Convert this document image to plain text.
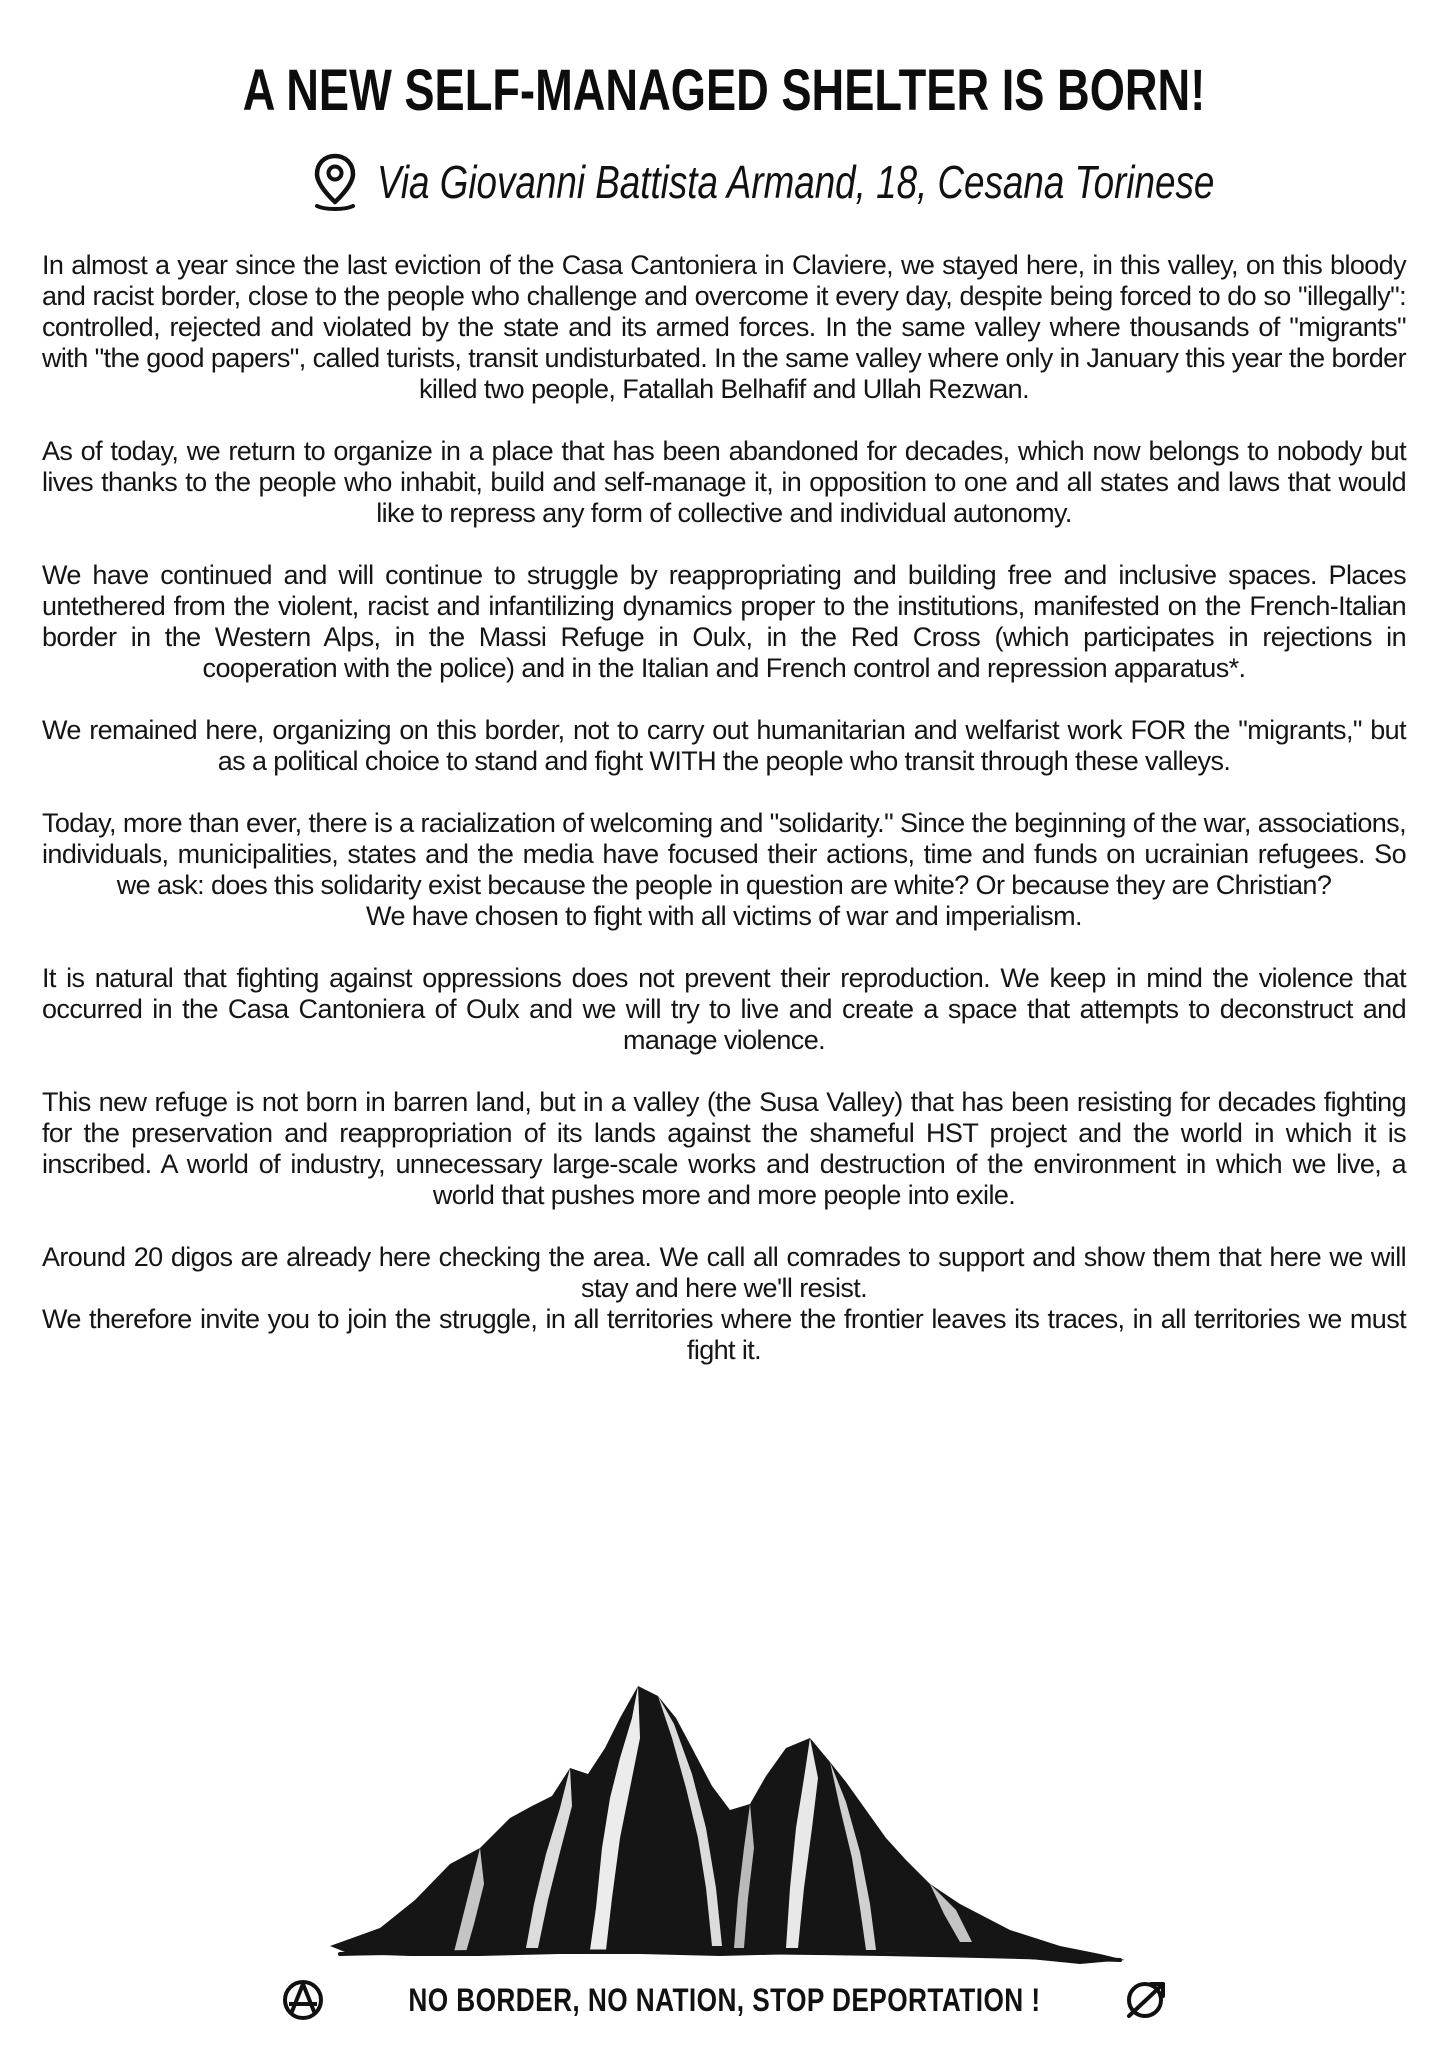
A NEW SELF-MANAGED SHELTER IS BORN!
Via Giovanni Battista Armand, 18, Cesana Torinese

In almost a year since the last eviction of the Casa Cantoniera in Claviere, we stayed here, in this valley, on this bloody and racist border, close to the people who challenge and overcome it every day, despite being forced to do so "illegally": controlled, rejected and violated by the state and its armed forces. In the same valley where thousands of "migrants" with "the good papers", called turists, transit undisturbated. In the same valley where only in January this year the border killed two people, Fatallah Belhafif and Ullah Rezwan.

As of today, we return to organize in a place that has been abandoned for decades, which now belongs to nobody but lives thanks to the people who inhabit, build and self-manage it, in opposition to one and all states and laws that would like to repress any form of collective and individual autonomy.

We have continued and will continue to struggle by reappropriating and building free and inclusive spaces. Places untethered from the violent, racist and infantilizing dynamics proper to the institutions, manifested on the French-Italian border in the Western Alps, in the Massi Refuge in Oulx, in the Red Cross (which participates in rejections in cooperation with the police) and in the Italian and French control and repression apparatus*.

We remained here, organizing on this border, not to carry out humanitarian and welfarist work FOR the "migrants," but as a political choice to stand and fight WITH the people who transit through these valleys.

Today, more than ever, there is a racialization of welcoming and "solidarity." Since the beginning of the war, associations, individuals, municipalities, states and the media have focused their actions, time and funds on ucrainian refugees. So we ask: does this solidarity exist because the people in question are white? Or because they are Christian?
We have chosen to fight with all victims of war and imperialism.

It is natural that fighting against oppressions does not prevent their reproduction. We keep in mind the violence that occurred in the Casa Cantoniera of Oulx and we will try to live and create a space that attempts to deconstruct and manage violence.

This new refuge is not born in barren land, but in a valley (the Susa Valley) that has been resisting for decades fighting for the preservation and reappropriation of its lands against the shameful HST project and the world in which it is inscribed. A world of industry, unnecessary large-scale works and destruction of the environment in which we live, a world that pushes more and more people into exile.

Around 20 digos are already here checking the area. We call all comrades to support and show them that here we will stay and here we'll resist.
We therefore invite you to join the struggle, in all territories where the frontier leaves its traces, in all territories we must fight it.
NO BORDER, NO NATION, STOP DEPORTATION !
